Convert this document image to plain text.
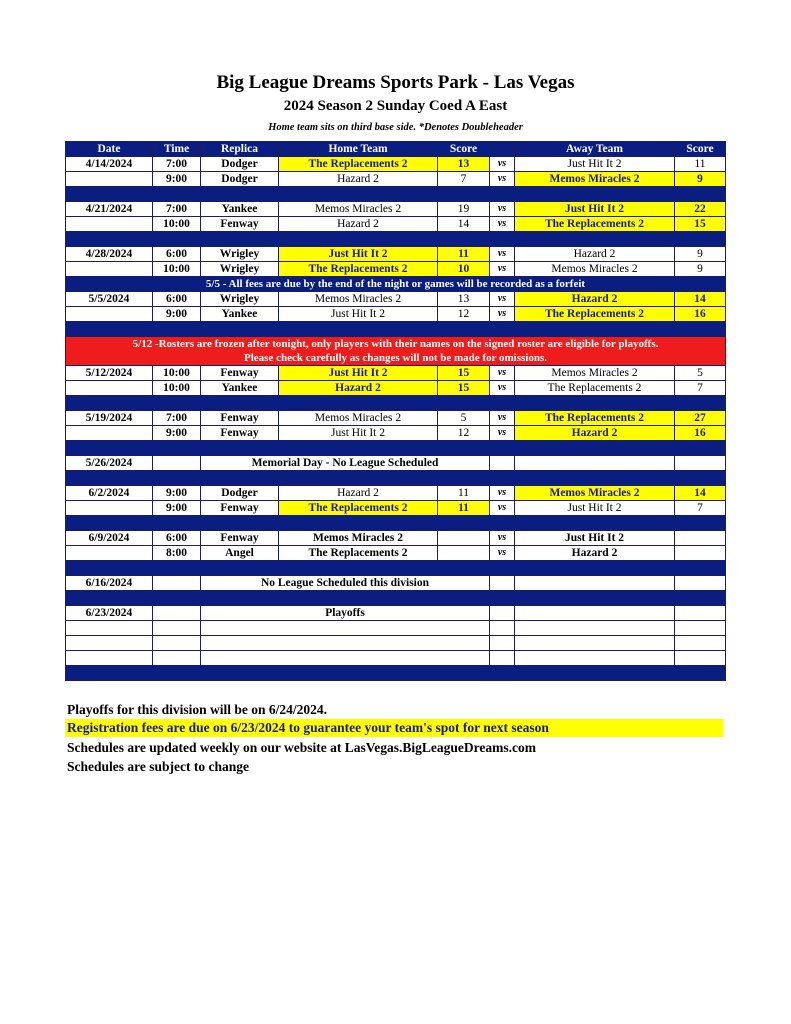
Big League Dreams Sports Park - Las Vegas
2024 Season 2 Sunday Coed A East
Home team sits on third base side. *Denotes Doubleheader
Date	Time	Replica	Home Team	Score		Away Team	Score
4/14/2024	7:00	Dodger	The Replacements 2	13	vs	Just Hit It 2	11
	9:00	Dodger	Hazard 2	7	vs	Memos Miracles 2	9

4/21/2024	7:00	Yankee	Memos Miracles 2	19	vs	Just Hit It 2	22
	10:00	Fenway	Hazard 2	14	vs	The Replacements 2	15

4/28/2024	6:00	Wrigley	Just Hit It 2	11	vs	Hazard 2	9
	10:00	Wrigley	The Replacements 2	10	vs	Memos Miracles 2	9
5/5 - All fees are due by the end of the night or games will be recorded as a forfeit							
5/5/2024	6:00	Wrigley	Memos Miracles 2	13	vs	Hazard 2	14
	9:00	Yankee	Just Hit It 2	12	vs	The Replacements 2	16

5/12 -Rosters are frozen after tonight, only players with their names on the signed roster are eligible for playoffs.
Please check carefully as changes will not be made for omissions.							

5/12/2024	10:00	Fenway	Just Hit It 2	15	vs	Memos Miracles 2	5
	10:00	Yankee	Hazard 2	15	vs	The Replacements 2	7

5/19/2024	7:00	Fenway	Memos Miracles 2	5	vs	The Replacements 2	27
	9:00	Fenway	Just Hit It 2	12	vs	Hazard 2	16

5/26/2024		Memorial Day - No League Scheduled					

6/2/2024	9:00	Dodger	Hazard 2	11	vs	Memos Miracles 2	14
	9:00	Fenway	The Replacements 2	11	vs	Just Hit It 2	7

6/9/2024	6:00	Fenway	Memos Miracles 2		vs	Just Hit It 2	
	8:00	Angel	The Replacements 2		vs	Hazard 2	

6/16/2024		No League Scheduled this division					

6/23/2024		Playoffs					

Playoffs for this division will be on 6/24/2024.
Registration fees are due on 6/23/2024 to guarantee your team's spot for next season
Schedules are updated weekly on our website at LasVegas.BigLeagueDreams.com
Schedules are subject to change
